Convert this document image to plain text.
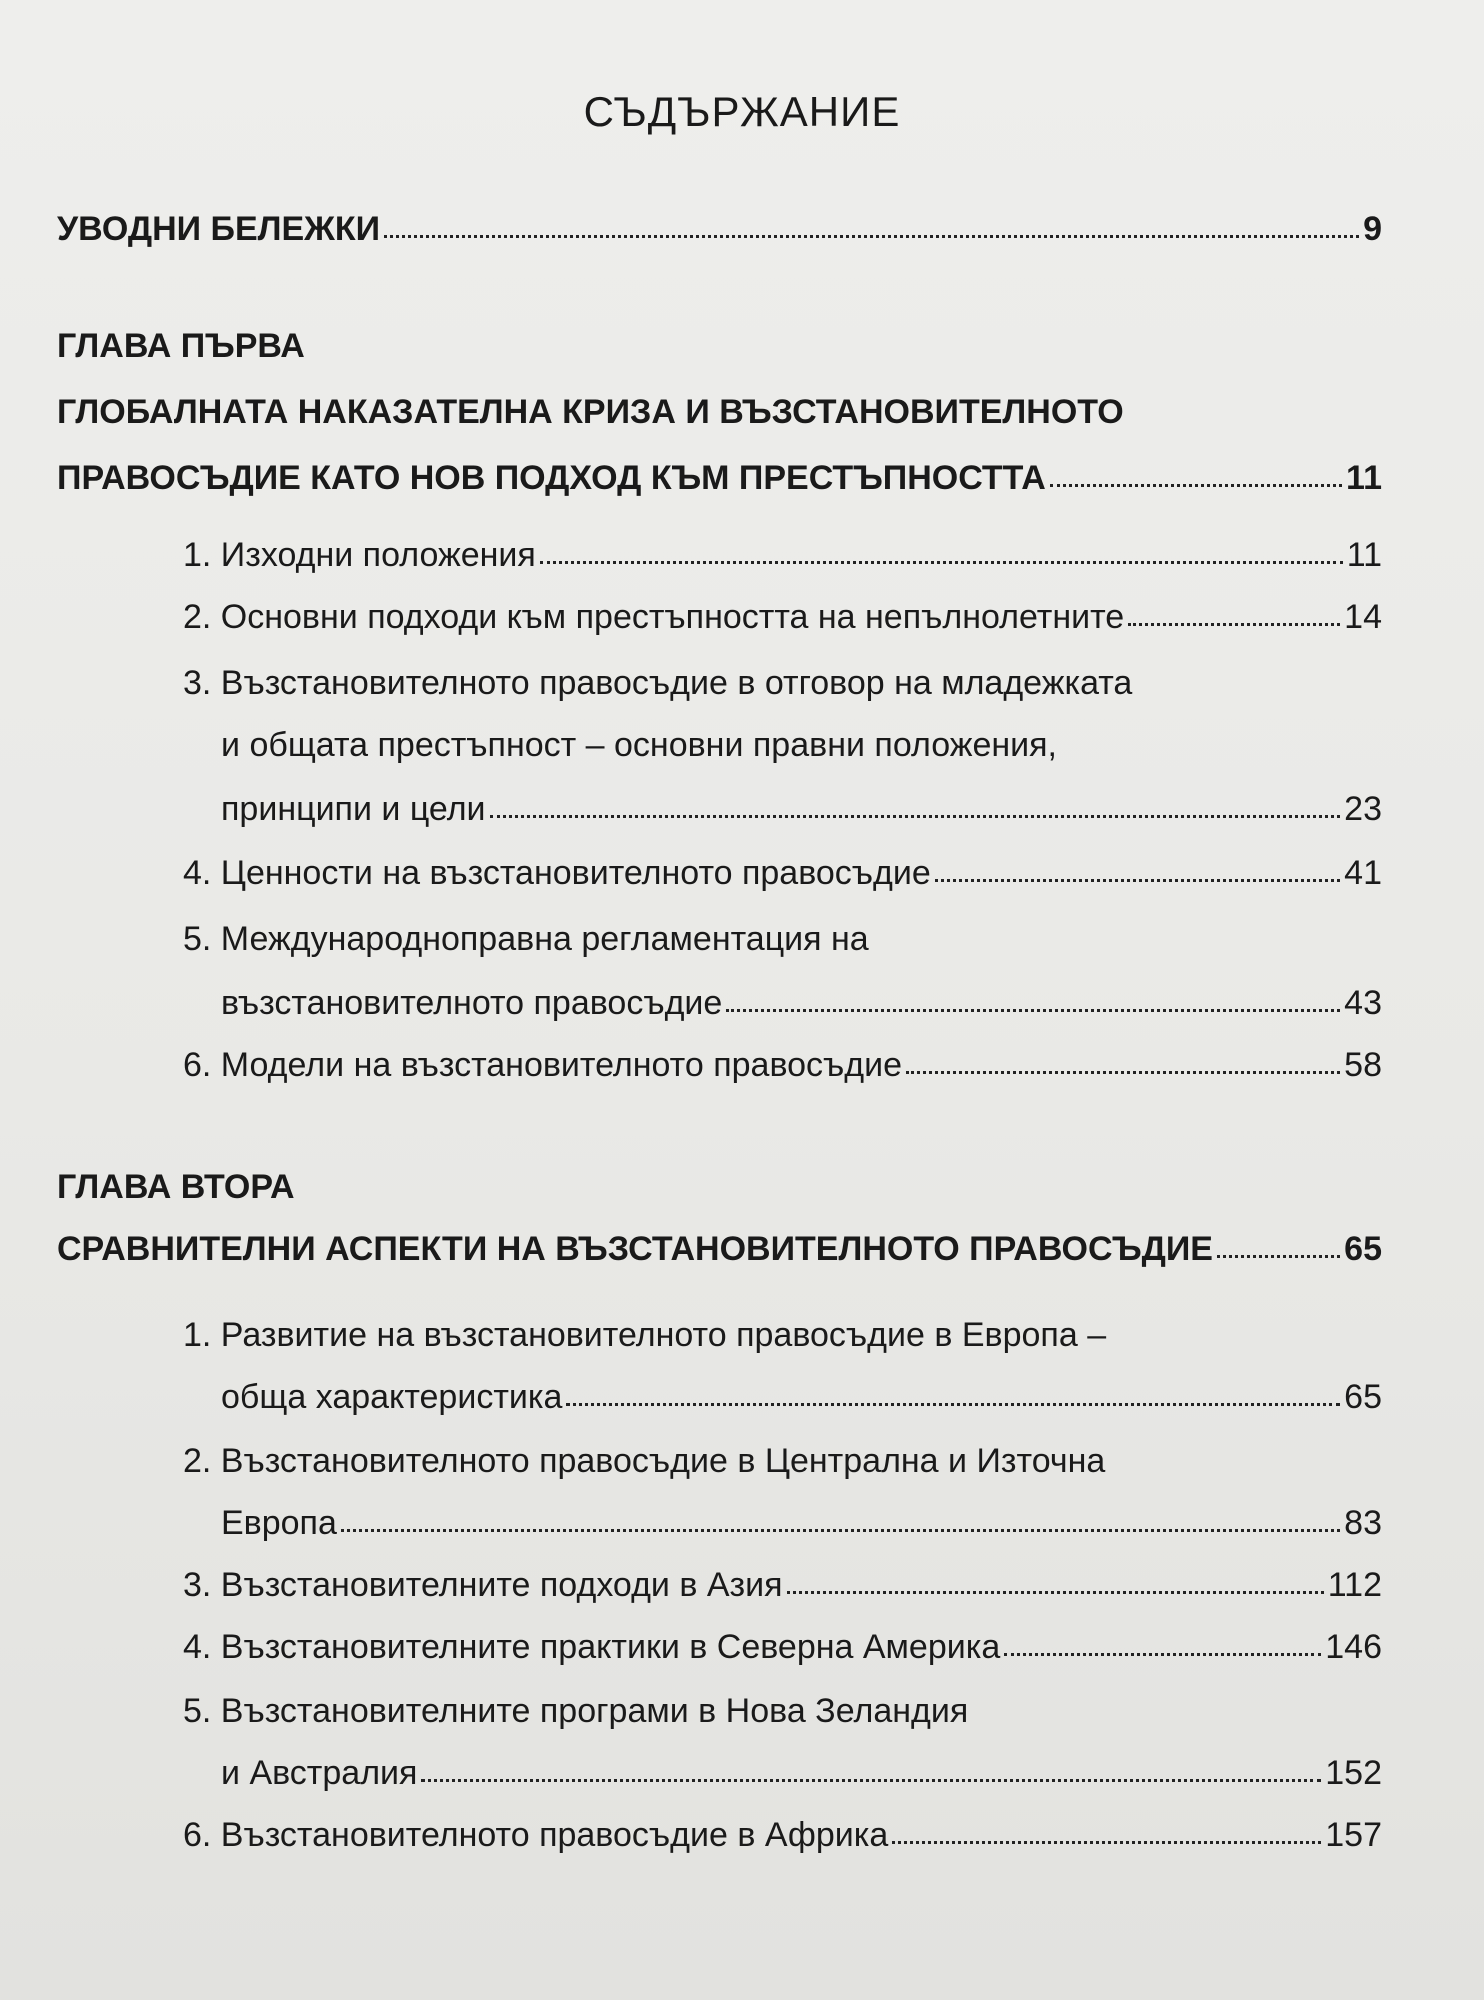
СЪДЪРЖАНИЕ
УВОДНИ БЕЛЕЖКИ	9
ГЛАВА ПЪРВА
ГЛОБАЛНАТА НАКАЗАТЕЛНА КРИЗА И ВЪЗСТАНОВИТЕЛНОТО
ПРАВОСЪДИЕ КАТО НОВ ПОДХОД КЪМ ПРЕСТЪПНОСТТА	11
1. Изходни положения	11
2. Основни подходи към престъпността на непълнолетните	14
3. Възстановителното правосъдие в отговор на младежката
и общата престъпност – основни правни положения,
принципи и цели	23
4. Ценности на възстановителното правосъдие	41
5. Международноправна регламентация на
възстановителното правосъдие	43
6. Модели на възстановителното правосъдие	58
ГЛАВА ВТОРА
СРАВНИТЕЛНИ АСПЕКТИ НА ВЪЗСТАНОВИТЕЛНОТО ПРАВОСЪДИЕ	65
1. Развитие на възстановителното правосъдие в Европа –
обща характеристика	65
2. Възстановителното правосъдие в Централна и Източна
Европа	83
3. Възстановителните подходи в Азия	112
4. Възстановителните практики в Северна Америка	146
5. Възстановителните програми в Нова Зеландия
и Австралия	152
6. Възстановителното правосъдие в Африка	157
